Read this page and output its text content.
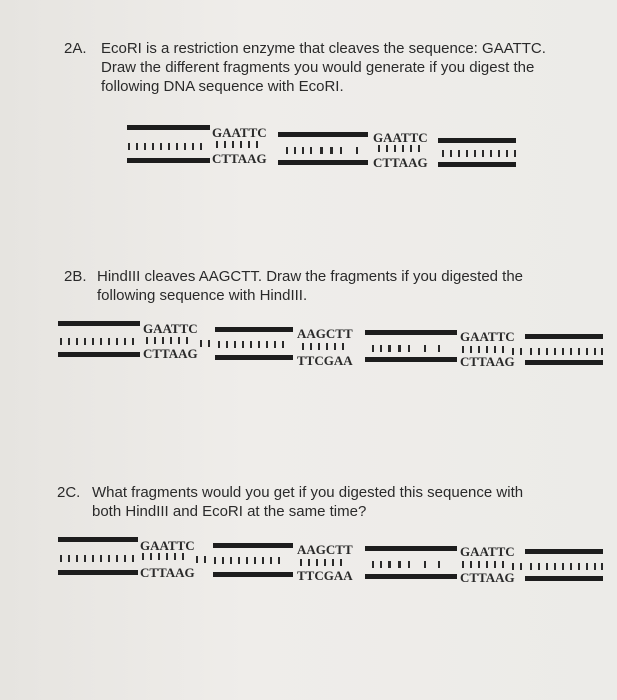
2A. EcoRI is a restriction enzyme that cleaves the sequence: GAATTC.
Draw the different fragments you would generate if you digest the
following DNA sequence with EcoRI.
2B. HindIII cleaves AAGCTT. Draw the fragments if you digested the
following sequence with HindIII.
2C. What fragments would you get if you digested this sequence with
both HindIII and EcoRI at the same time?
GAATTC
CTTAAG
GAATTC
CTTAAG
GAATTC
CTTAAG
AAGCTT
TTCGAA
GAATTC
CTTAAG
GAATTC
CTTAAG
AAGCTT
TTCGAA
GAATTC
CTTAAG
